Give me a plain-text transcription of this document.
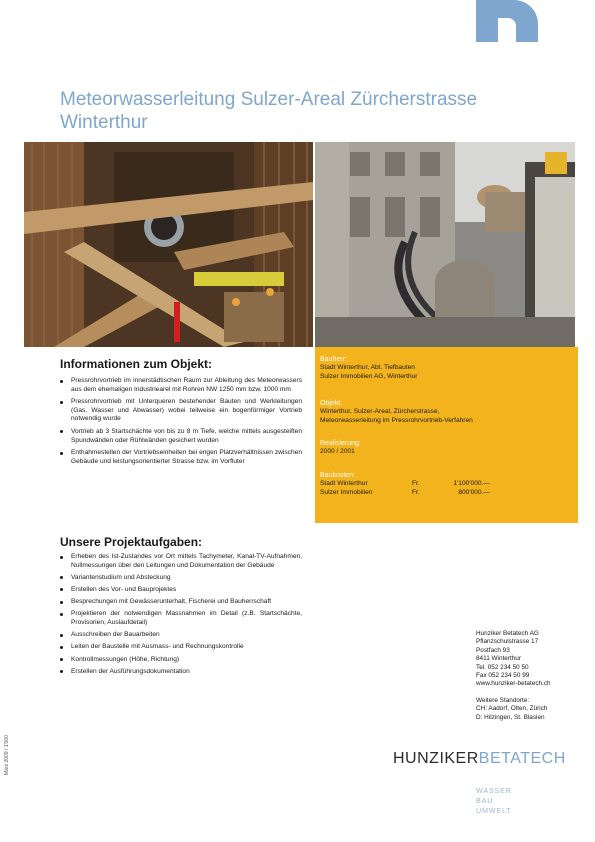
Meteorwasserleitung Sulzer-Areal Zürcherstrasse
Winterthur
Informationen zum Objekt:
Pressrohrvortrieb im innerstädtischen Raum zur Ableitung des Meteorwassers aus dem ehemaligen Industriearel mit Rohren NW 1250 mm bzw. 1000 mm
Pressrohrvortrieb mit Unterqueren bestehender Bauten und Werkleitungen (Gas, Wasser und Abwasser) wobei teilweise ein bogenförmiger Vortrieb notwendig wurde
Vortrieb ab 3 Startschächte von bis zu 8 m Tiefe, welche mittels ausgesteiften Spundwänden oder Rühlwänden gesichert wurden
Enthahmestellen der Vortriebseinheiten bei engen Platzverhältnissen zwischen Gebäude und leistungsorientierter Strasse bzw. im Vorfluter
Bauherr:
Stadt Winterthur, Abt. Tiefbauten
Sulzer Immobilien AG, Winterthur
Objekt:
Winterthur, Sulzer-Areal, Zürcherstrasse,
Meteorwasserleitung im Pressrohrvortrieb-Verfahren
Realisierung:
2000 / 2001
Baukosten:
Stadt Winterthur	Fr.	1'100'000.—
Sulzer Immobilien	Fr.	800'000.—
Unsere Projektaufgaben:
Erheben des Ist-Zustandes vor Ort mittels Tachymeter, Kanal-TV-Aufnahmen, Nullmessungen über den Leitungen und Dokumentation der Gebäude
Variantenstudium und Absteckung
Erstellen des Vor- und Bauprojektes
Besprechungen mit Gewässerunterhalt, Fischerei und Bauherrschaft
Projektieren der notwendigen Massnahmen im Detail (z.B. Startschächte, Provisorien, Auslaufdetail)
Ausschreiben der Bauarbeiten
Leiten der Baustelle mit Ausmass- und Rechnungskontrolle
Kontrollmessungen (Höhe, Richtung)
Erstellen der Ausführungsdokumentation
Hunziker Betatech AG
Pflanzschulstrasse 17
Postfach 93
8411 Winterthur
Tel. 052 234 50 50
Fax 052 234 50 99
www.hunziker-betatech.ch
Weitere Standorte:
CH: Aadorf, Olten, Zürich
D: Hilzingen, St. Blasien
HUNZIKERBETATECH
WASSER
BAU
UMWELT
März 2009 / 1'000
